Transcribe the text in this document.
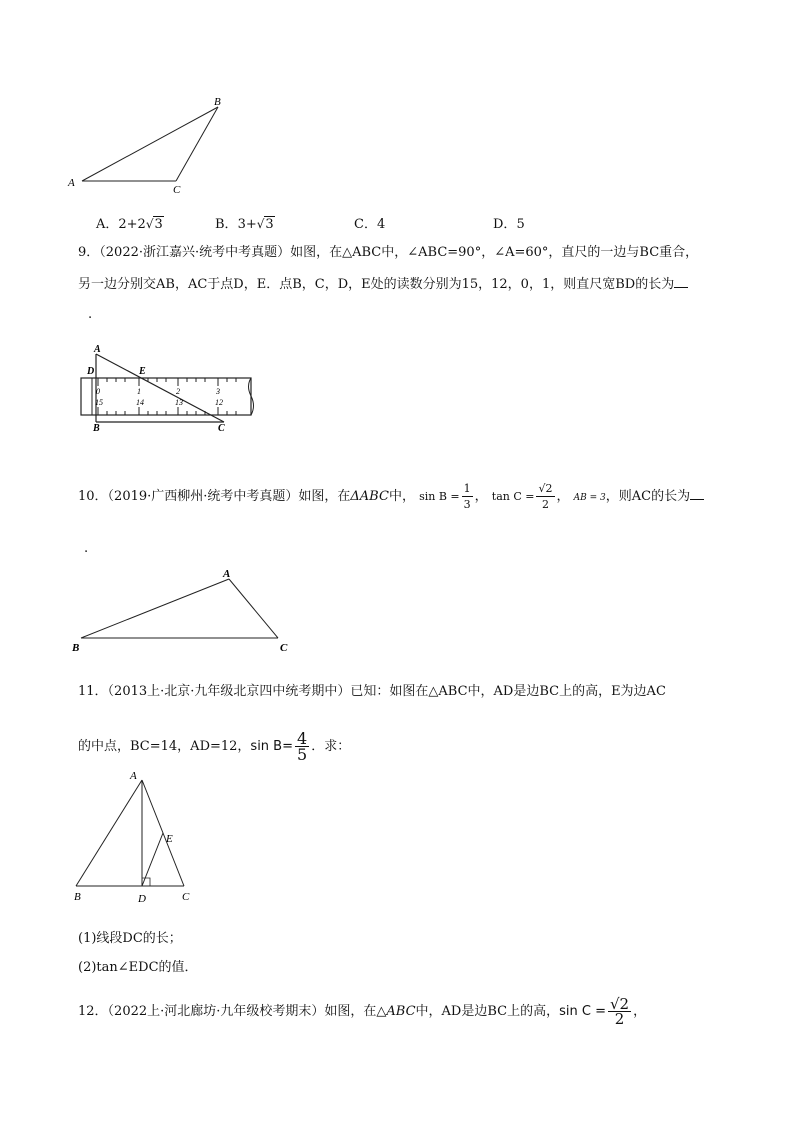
A
B
C
A．2+2√3	B．3+√3	C．4	D．5
9．（2022·浙江嘉兴·统考中考真题）如图，在△ABC中，∠ABC=90°，∠A=60°，直尺的一边与BC重合，
另一边分别交AB，AC于点D，E．点B，C，D，E处的读数分别为15，12，0，1，则直尺宽BD的长为
.
0	1	2	3
15	14	13	12
A
D	E
B	C
10．（2019·广西柳州·统考中考真题）如图，在ΔABC中， $\sin B = \frac{1}{3}$ ， $\tan C = \frac{√2}{2}$ ， AB = 3，则AC的长为
.
A
B	C
11．（2013上·北京·九年级北京四中统考期中）已知：如图在△ABC中，AD是边BC上的高，E为边AC
的中点，BC=14，AD=12，$\sin B= \frac{4}{5}$ ．求：
A
B	C
D
E
(1)线段DC的长；
(2)tan∠EDC的值．
12．（2022上·河北廊坊·九年级校考期末）如图，在△ABC中，AD是边BC上的高，$\sin C = \frac{√2}{2}$ ，
